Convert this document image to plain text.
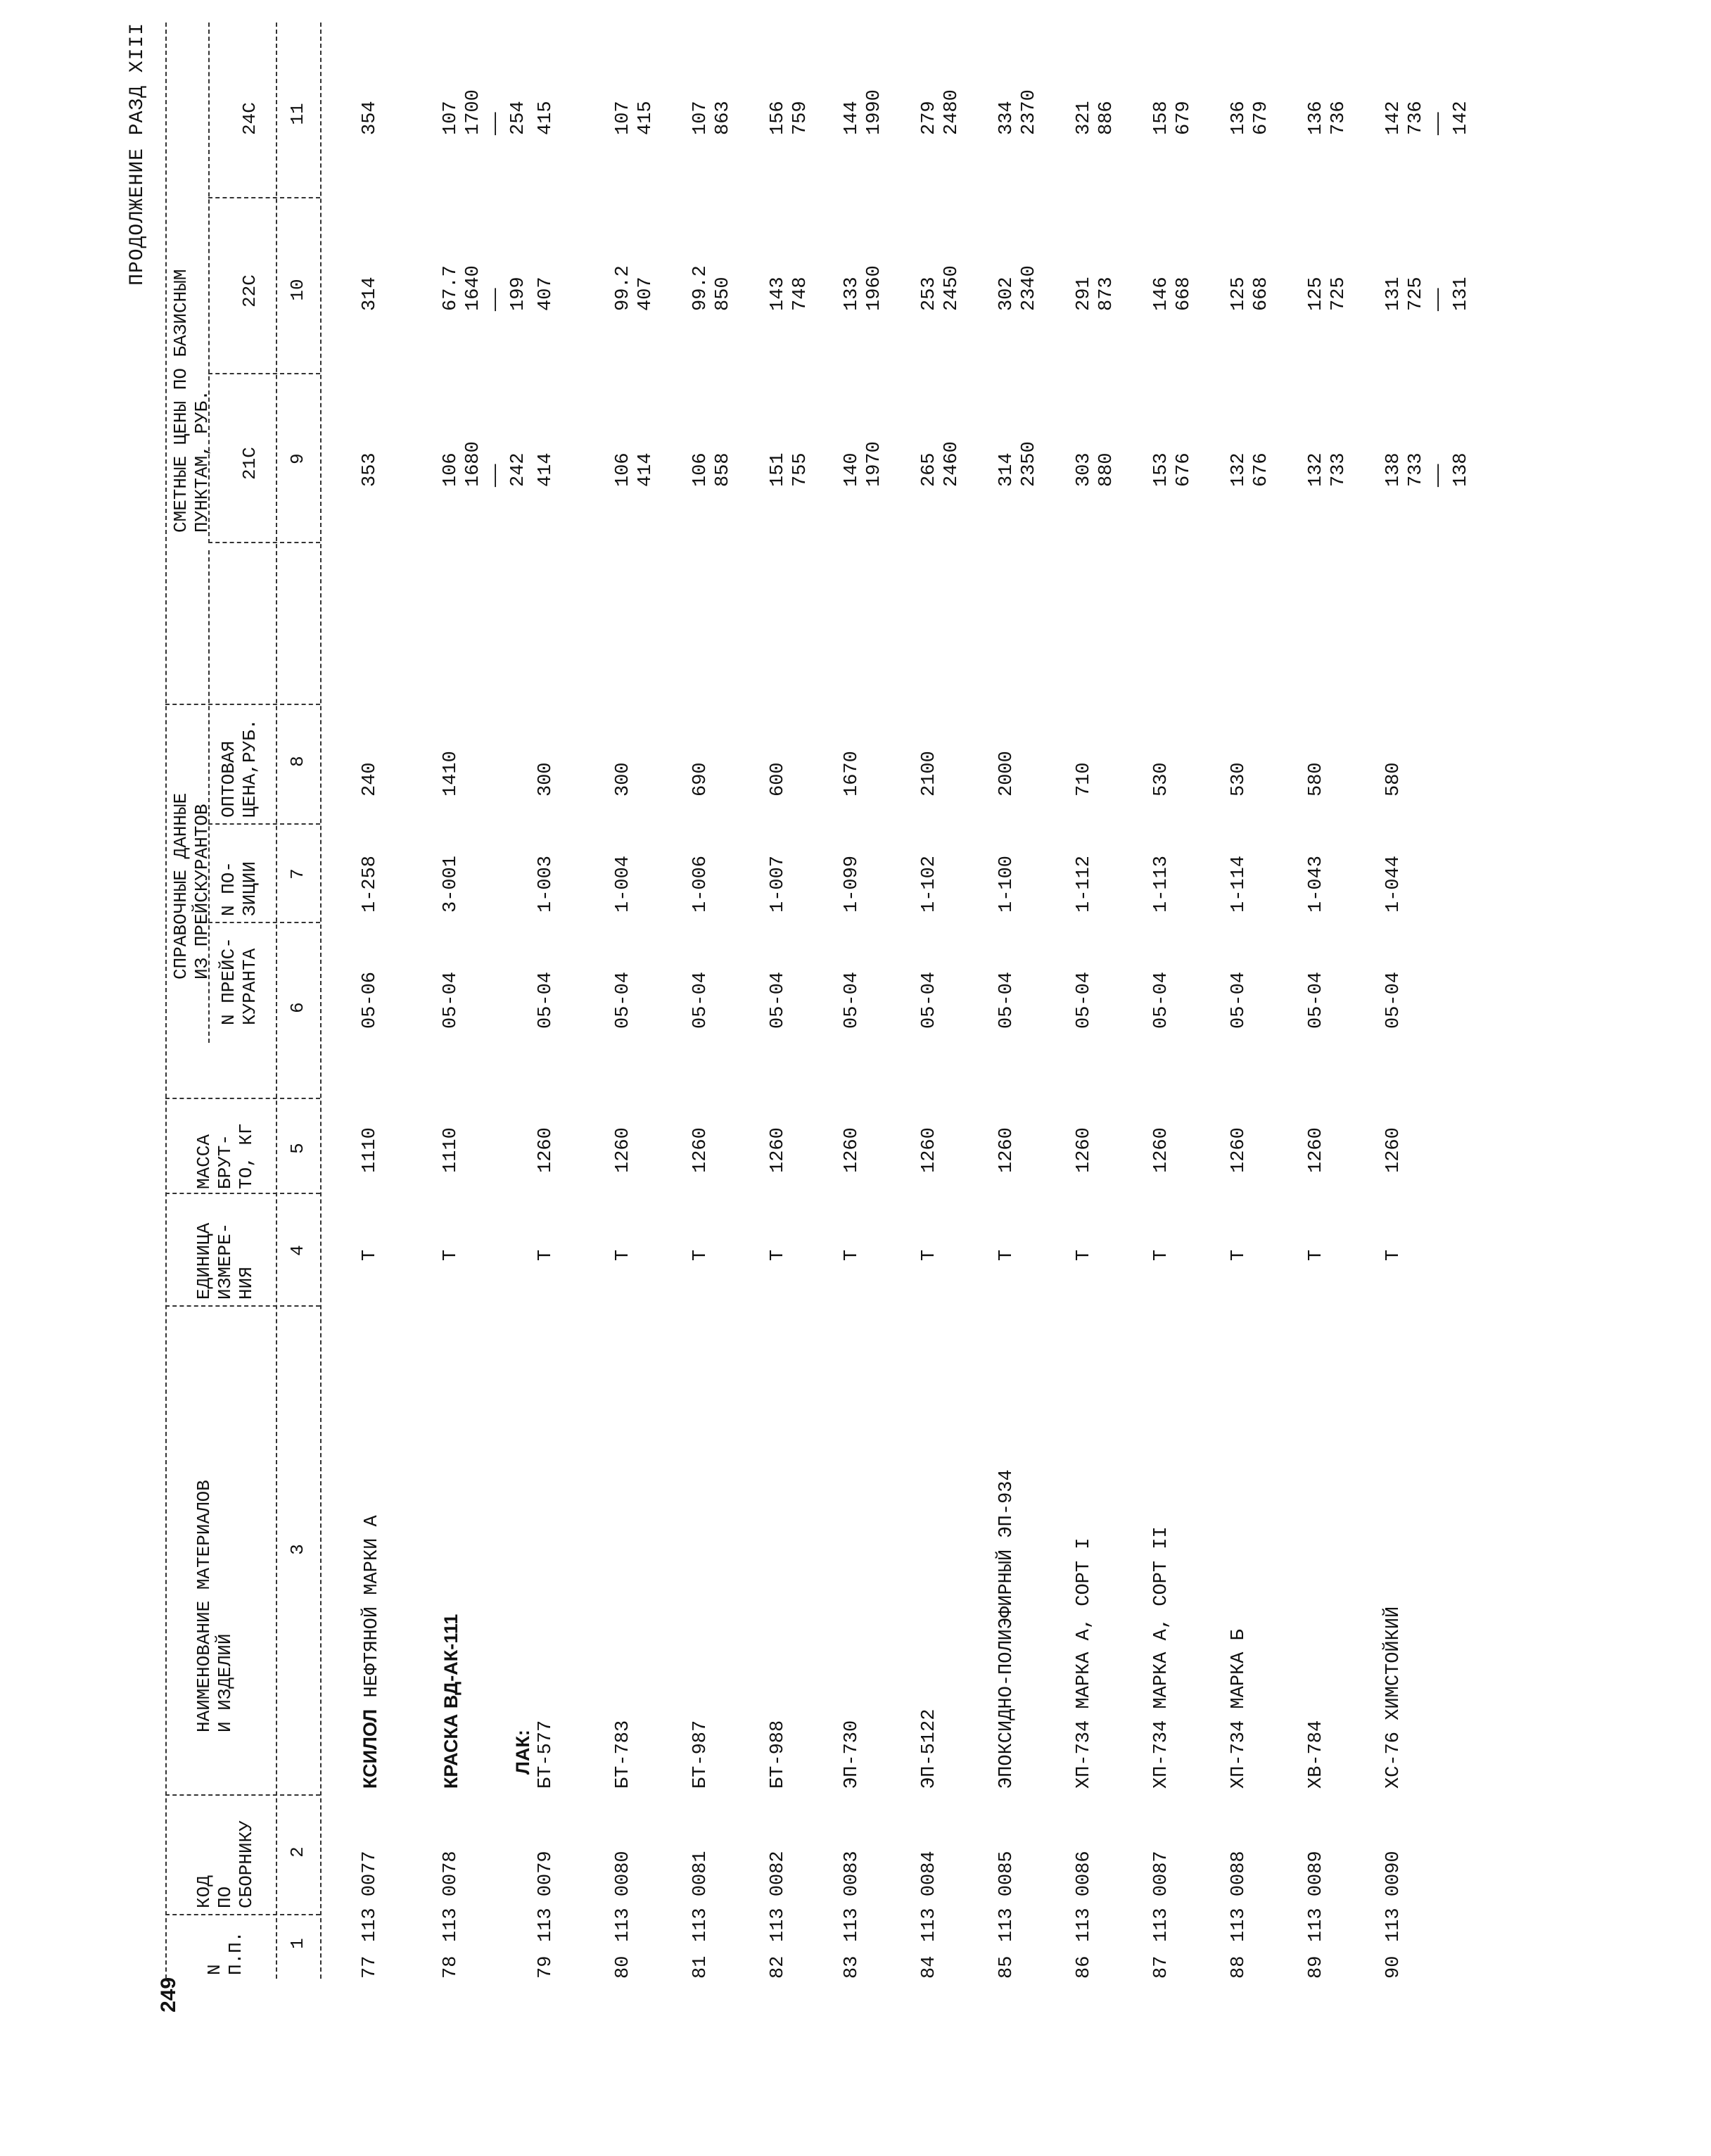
249
ПРОДОЛЖЕНИЕ РАЗД XIII
N П.П.
КОД ПО СБОРНИКУ
НАИМЕНОВАНИЕ МАТЕРИАЛОВ И ИЗДЕЛИЙ
ЕДИНИЦА ИЗМЕРЕ- НИЯ
МАССА БРУТ- ТО, КГ
СПРАВОЧНЫЕ ДАННЫЕ ИЗ ПРЕЙСКУРАНТОВ
N ПРЕЙС- КУРАНТА
N ПО- ЗИЦИИ
ОПТОВАЯ ЦЕНА,РУБ.
СМЕТНЫЕ ЦЕНЫ ПО БАЗИСНЫМ ПУНКТАМ, РУБ. 21С
22С
24С
1
2
3
4
5
6
7
8
9
10
11
77
113 0077
КСИЛОЛ НЕФТЯНОЙ МАРКИ А
Т
1110
05-06
1-258
240
353
314
354
78
113 0078
КРАСКА ВД-АК-111
Т
1110
05-04
3-001
1410
106 1680 —— 242
67.7 1640 —— 199
107 1700 —— 254
79
113 0079
БТ-577
Т
1260
05-04
1-003
300
414
407
415
80
113 0080
БТ-783
Т
1260
05-04
1-004
300
106 414
99.2 407
107 415
81
113 0081
БТ-987
Т
1260
05-04
1-006
690
106 858
99.2 850
107 863
82
113 0082
БТ-988
Т
1260
05-04
1-007
600
151 755
143 748
156 759
83
113 0083
ЭП-730
Т
1260
05-04
1-099
1670
140 1970
133 1960
144 1990
84
113 0084
ЭП-5122
Т
1260
05-04
1-102
2100
265 2460
253 2450
279 2480
85
113 0085
ЭПОКСИДНО-ПОЛИЭФИРНЫЙ ЭП-934
Т
1260
05-04
1-100
2000
314 2350
302 2340
334 2370
86
113 0086
ХП-734 МАРКА А, СОРТ I
Т
1260
05-04
1-112
710
303 880
291 873
321 886
87
113 0087
ХП-734 МАРКА А, СОРТ II
Т
1260
05-04
1-113
530
153 676
146 668
158 679
88
113 0088
ХП-734 МАРКА Б
Т
1260
05-04
1-114
530
132 676
125 668
136 679
89
113 0089
ХВ-784
Т
1260
05-04
1-043
580
132 733
125 725
136 736
90
113 0090
ХС-76 ХИМСТОЙКИЙ
Т
1260
05-04
1-044
580
138 733 —— 138
131 725 —— 131
142 736 —— 142
ЛАК:
